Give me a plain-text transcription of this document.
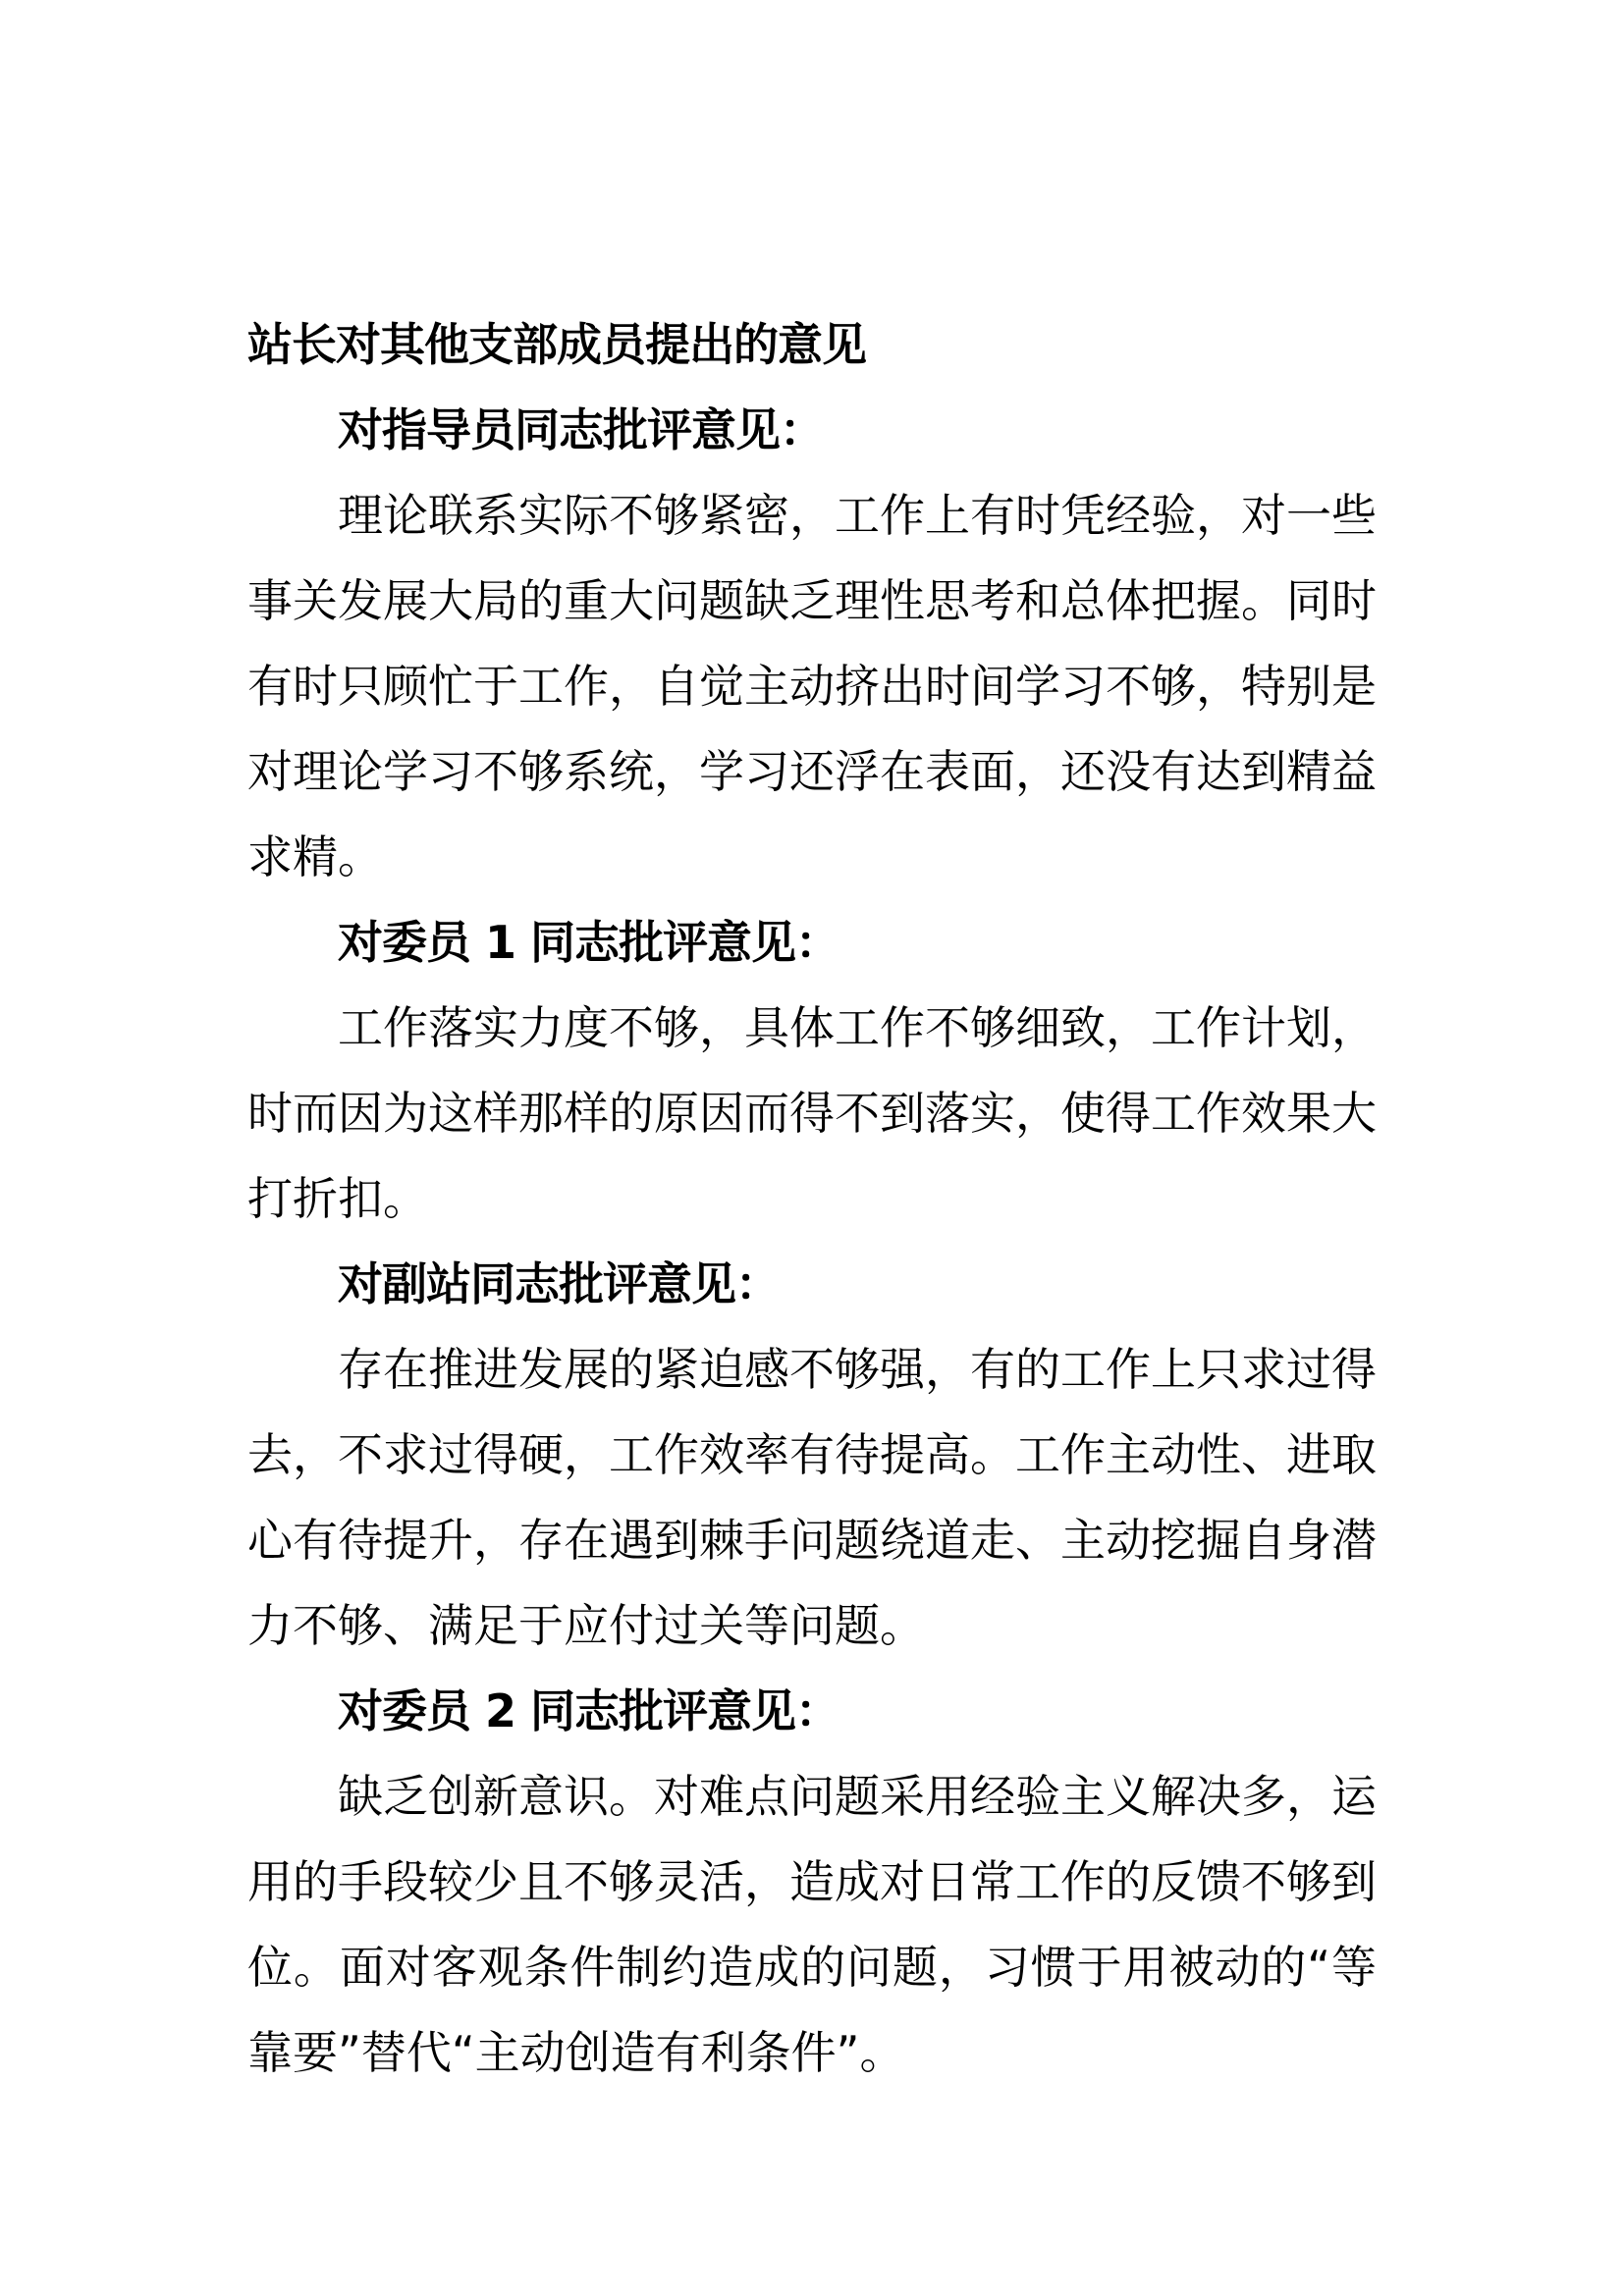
站长对其他支部成员提出的意见

对指导员同志批评意见：

理论联系实际不够紧密，工作上有时凭经验，对一些事关发展大局的重大问题缺乏理性思考和总体把握。同时有时只顾忙于工作，自觉主动挤出时间学习不够，特别是对理论学习不够系统，学习还浮在表面，还没有达到精益求精。

对委员 1 同志批评意见：

工作落实力度不够，具体工作不够细致，工作计划，时而因为这样那样的原因而得不到落实，使得工作效果大打折扣。

对副站同志批评意见：

存在推进发展的紧迫感不够强，有的工作上只求过得去，不求过得硬，工作效率有待提高。工作主动性、进取心有待提升，存在遇到棘手问题绕道走、主动挖掘自身潜力不够、满足于应付过关等问题。

对委员 2 同志批评意见：

缺乏创新意识。对难点问题采用经验主义解决多，运用的手段较少且不够灵活，造成对日常工作的反馈不够到位。面对客观条件制约造成的问题，习惯于用被动的“等靠要”替代“主动创造有利条件”。
